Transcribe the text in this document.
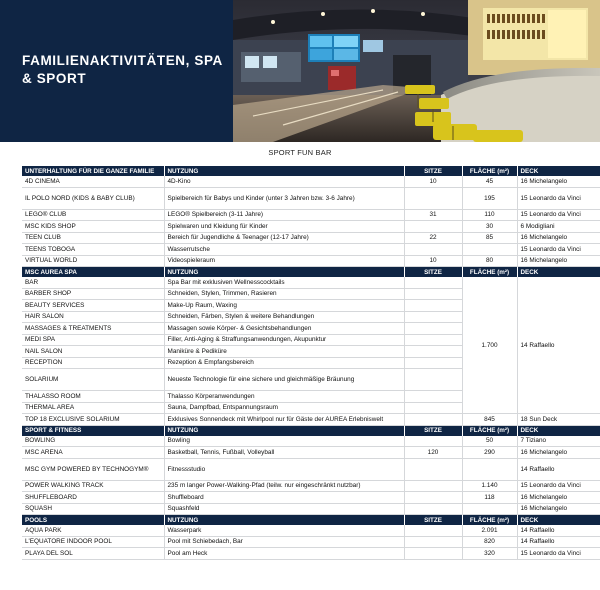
FAMILIENAKTIVITÄTEN, SPA & SPORT
SPORT FUN BAR
UNTERHALTUNG FÜR DIE GANZE FAMILIE	NUTZUNG	SITZE	FLÄCHE (m²)	DECK
4D CINEMA	4D-Kino	10	45	16 Michelangelo
IL POLO NORD (KIDS & BABY CLUB)	Spielbereich für Babys und Kinder (unter 3 Jahren bzw. 3-6 Jahre)		195	15 Leonardo da Vinci
LEGO® CLUB	LEGO® Spielbereich (3-11 Jahre)	31	110	15 Leonardo da Vinci
MSC KIDS SHOP	Spielwaren und Kleidung für Kinder		30	6 Modigliani
TEEN CLUB	Bereich für Jugendliche & Teenager (12-17 Jahre)	22	85	16 Michelangelo
TEENS TOBOGA	Wasserrutsche			15 Leonardo da Vinci
VIRTUAL WORLD	Videospieleraum	10	80	16 Michelangelo
MSC AUREA SPA	NUTZUNG	SITZE	FLÄCHE (m²)	DECK
BAR	Spa Bar mit exklusiven Wellnesscocktails		1.700	14 Raffaello
BARBER SHOP	Schneiden, Stylen, Trimmen, Rasieren			
BEAUTY SERVICES	Make-Up Raum, Waxing			
HAIR SALON	Schneiden, Färben, Stylen & weitere Behandlungen			
MASSAGES & TREATMENTS	Massagen sowie Körper- & Gesichtsbehandlungen			
MEDI SPA	Filler, Anti-Aging & Straffungsanwendungen, Akupunktur			
NAIL SALON	Maniküre & Pediküre			
RECEPTION	Rezeption & Empfangsbereich			
SOLARIUM	Neueste Technologie für eine sichere und gleichmäßige Bräunung			
THALASSO ROOM	Thalasso Körperanwendungen			
THERMAL AREA	Sauna, Dampfbad, Entspannungsraum			
TOP 18 EXCLUSIVE SOLARIUM	Exklusives Sonnendeck mit Whirlpool nur für Gäste der AUREA Erlebniswelt		845	18 Sun Deck
SPORT & FITNESS	NUTZUNG	SITZE	FLÄCHE (m²)	DECK
BOWLING	Bowling		50	7 Tiziano
MSC ARENA	Basketball, Tennis, Fußball, Volleyball	120	290	16 Michelangelo
MSC GYM POWERED BY TECHNOGYM®	Fitnessstudio			14 Raffaello
POWER WALKING TRACK	235 m langer Power-Walking-Pfad (teilw. nur eingeschränkt nutzbar)		1.140	15 Leonardo da Vinci
SHUFFLEBOARD	Shuffleboard		118	16 Michelangelo
SQUASH	Squashfeld			16 Michelangelo
POOLS	NUTZUNG	SITZE	FLÄCHE (m²)	DECK
AQUA PARK	Wasserpark		2.091	14 Raffaello
L'EQUATORE INDOOR POOL	Pool mit Schiebedach, Bar		820	14 Raffaello
PLAYA DEL SOL	Pool am Heck		320	15 Leonardo da Vinci
